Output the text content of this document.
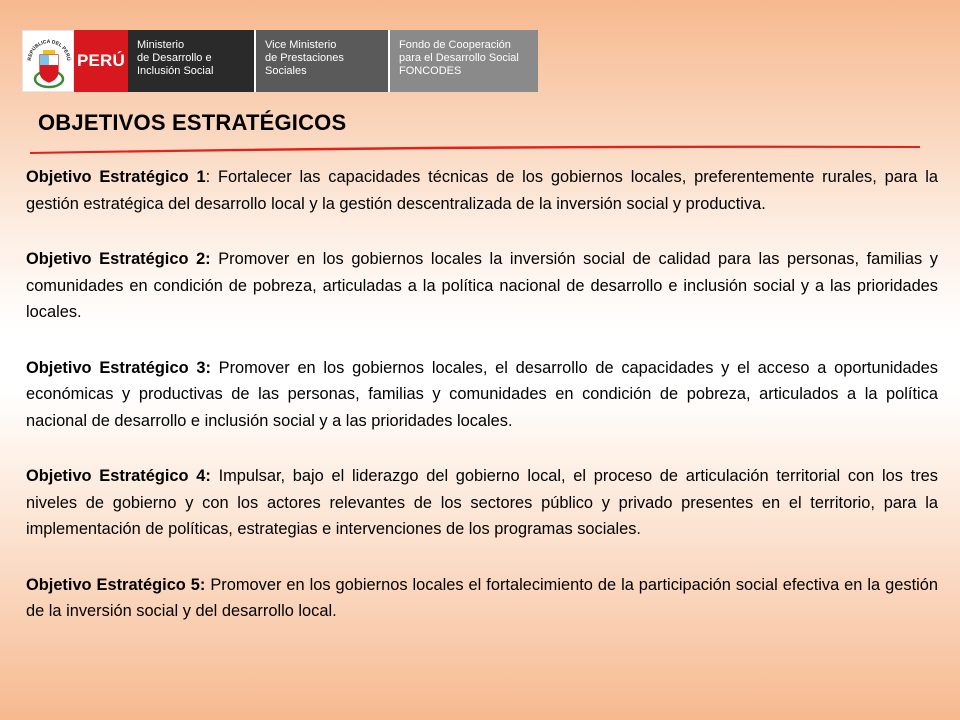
REPÚBLICA DEL PERÚ PERÚ
Ministerio
de Desarrollo e
Inclusión Social
Vice Ministerio
de Prestaciones
Sociales
Fondo de Cooperación
para el Desarrollo Social
FONCODES
OBJETIVOS ESTRATÉGICOS

Objetivo Estratégico 1: Fortalecer las capacidades técnicas de los gobiernos locales, preferentemente rurales, para la gestión estratégica del desarrollo local y la gestión descentralizada de la inversión social y productiva.

Objetivo Estratégico 2: Promover en los gobiernos locales la inversión social de calidad para las personas, familias y comunidades en condición de pobreza, articuladas a la política nacional de desarrollo e inclusión social y a las prioridades locales.

Objetivo Estratégico 3: Promover en los gobiernos locales, el desarrollo de capacidades y el acceso a oportunidades económicas y productivas de las personas, familias y comunidades en condición de pobreza, articulados a la política nacional de desarrollo e inclusión social y a las prioridades locales.

Objetivo Estratégico 4: Impulsar, bajo el liderazgo del gobierno local, el proceso de articulación territorial con los tres niveles de gobierno y con los actores relevantes de los sectores público y privado presentes en el territorio, para la implementación de políticas, estrategias e intervenciones de los programas sociales.

Objetivo Estratégico 5: Promover en los gobiernos locales el fortalecimiento de la participación social efectiva en la gestión de la inversión social y del desarrollo local.
